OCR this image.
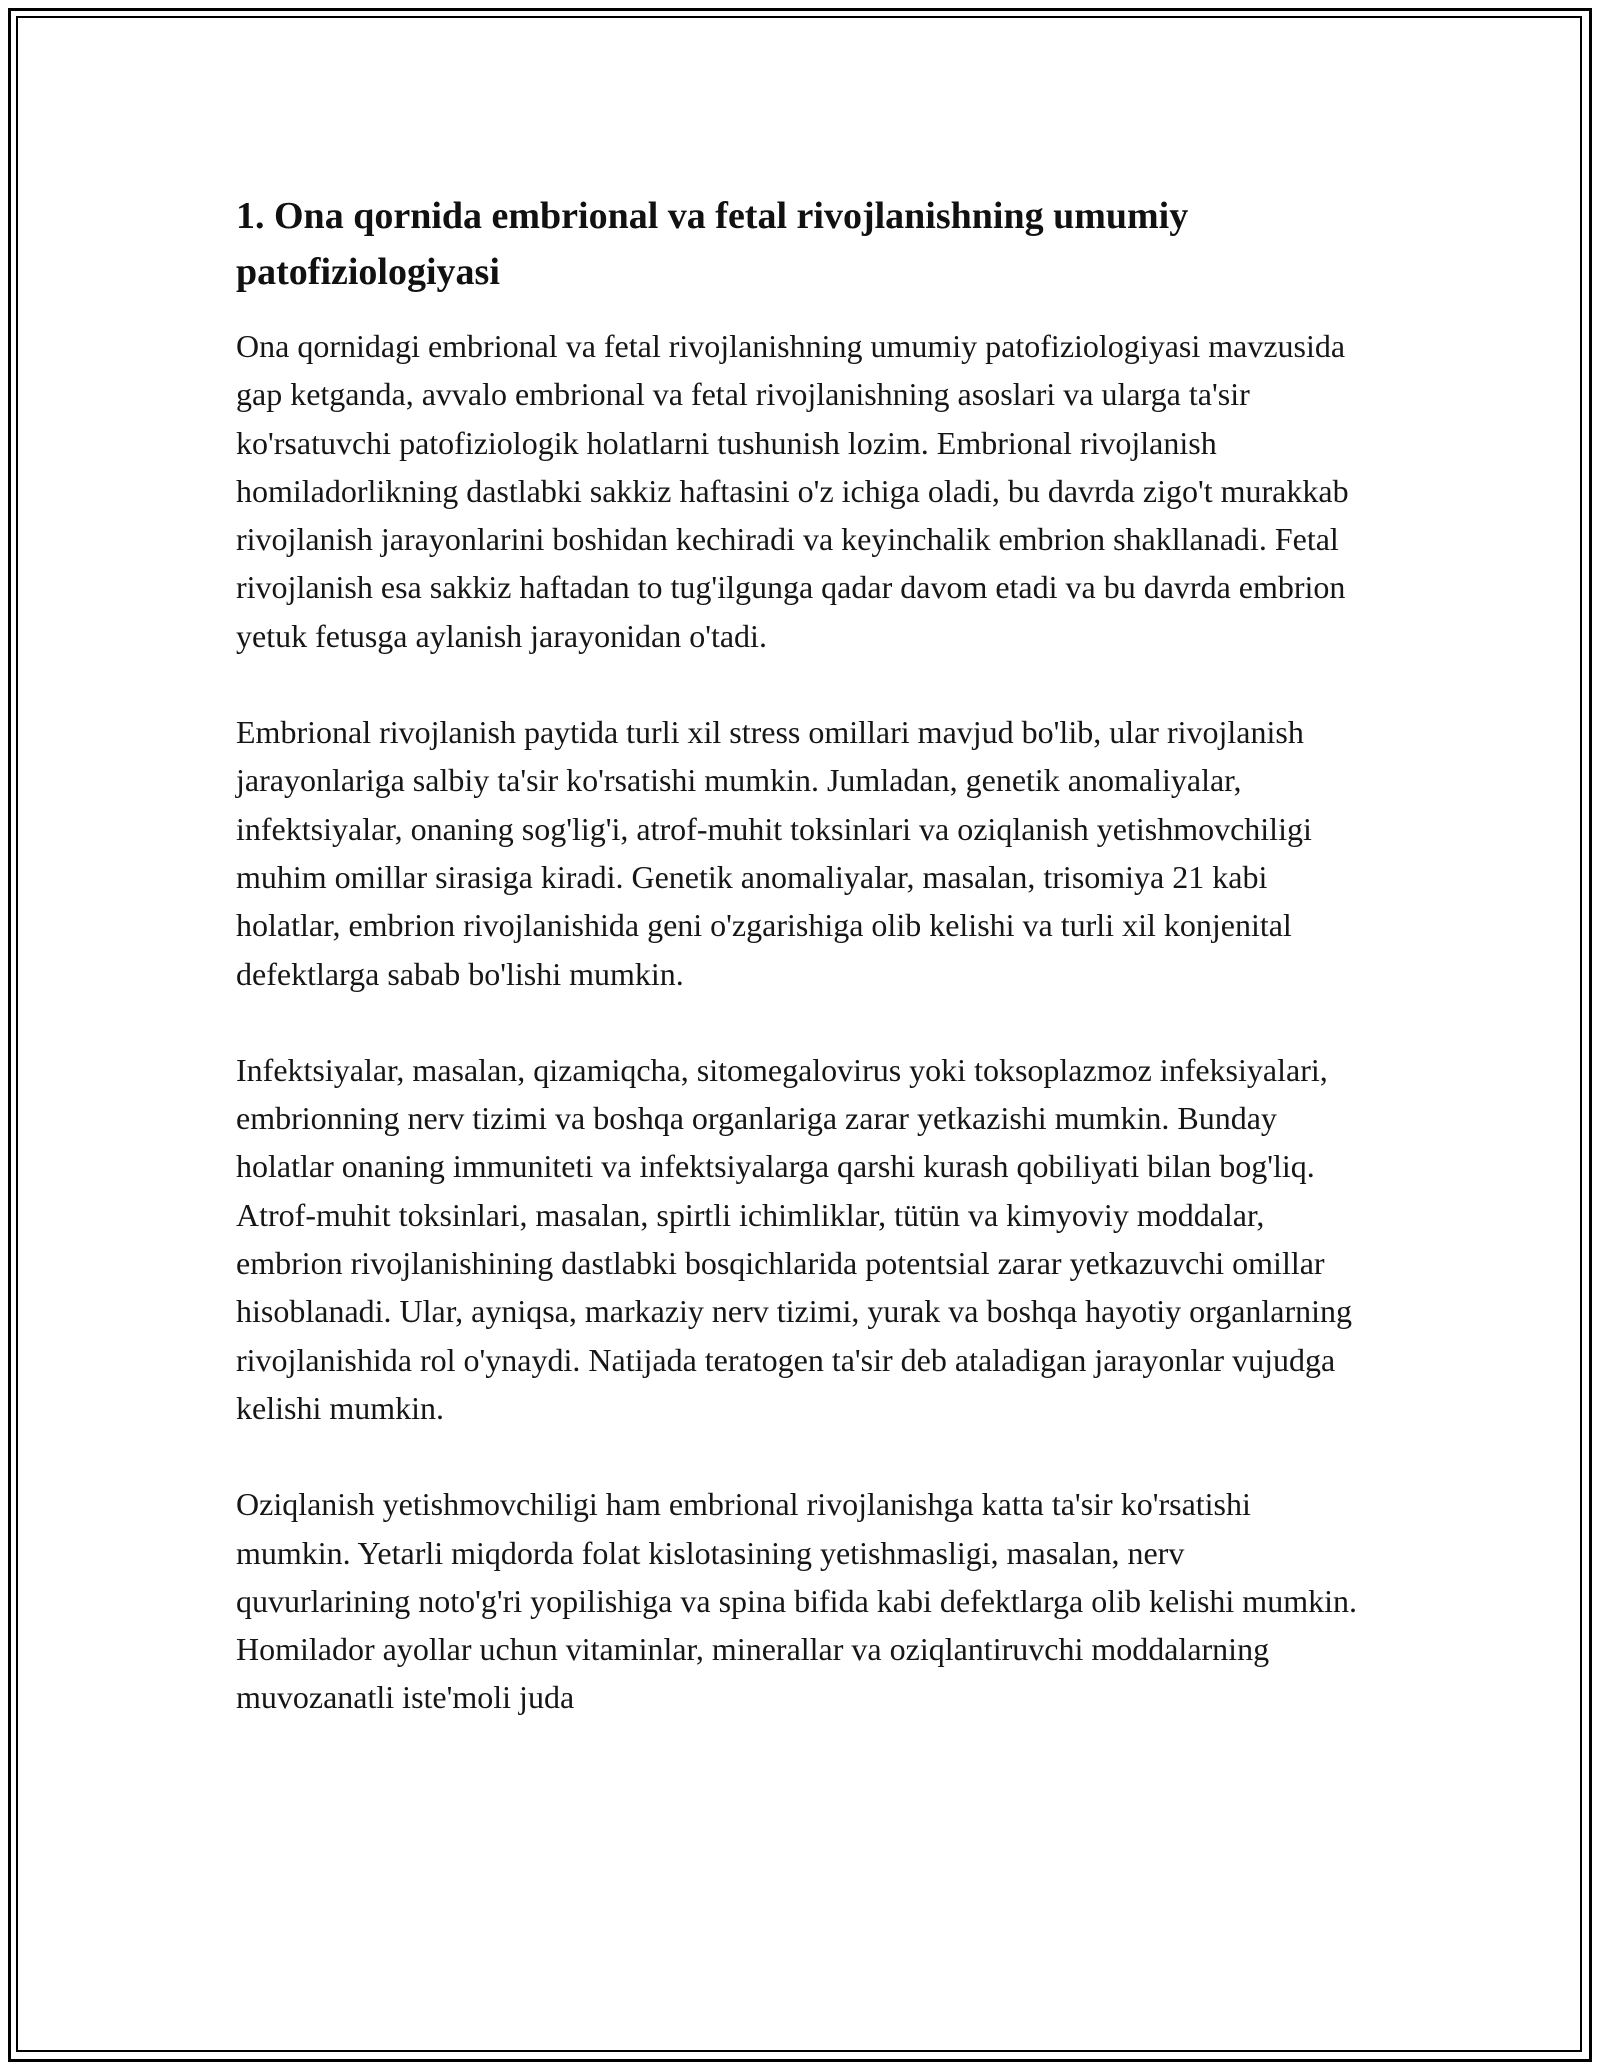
1. Ona qornida embrional va fetal rivojlanishning umumiy patofiziologiyasi

Ona qornidagi embrional va fetal rivojlanishning umumiy patofiziologiyasi mavzusida gap ketganda, avvalo embrional va fetal rivojlanishning asoslari va ularga ta'sir ko'rsatuvchi patofiziologik holatlarni tushunish lozim. Embrional rivojlanish homiladorlikning dastlabki sakkiz haftasini o'z ichiga oladi, bu davrda zigo't murakkab rivojlanish jarayonlarini boshidan kechiradi va keyinchalik embrion shakllanadi. Fetal rivojlanish esa sakkiz haftadan to tug'ilgunga qadar davom etadi va bu davrda embrion yetuk fetusga aylanish jarayonidan o'tadi.

Embrional rivojlanish paytida turli xil stress omillari mavjud bo'lib, ular rivojlanish jarayonlariga salbiy ta'sir ko'rsatishi mumkin. Jumladan, genetik anomaliyalar, infektsiyalar, onaning sog'lig'i, atrof-muhit toksinlari va oziqlanish yetishmovchiligi muhim omillar sirasiga kiradi. Genetik anomaliyalar, masalan, trisomiya 21 kabi holatlar, embrion rivojlanishida geni o'zgarishiga olib kelishi va turli xil konjenital defektlarga sabab bo'lishi mumkin.

Infektsiyalar, masalan, qizamiqcha, sitomegalovirus yoki toksoplazmoz infeksiyalari, embrionning nerv tizimi va boshqa organlariga zarar yetkazishi mumkin. Bunday holatlar onaning immuniteti va infektsiyalarga qarshi kurash qobiliyati bilan bog'liq. Atrof-muhit toksinlari, masalan, spirtli ichimliklar, tütün va kimyoviy moddalar, embrion rivojlanishining dastlabki bosqichlarida potentsial zarar yetkazuvchi omillar hisoblanadi. Ular, ayniqsa, markaziy nerv tizimi, yurak va boshqa hayotiy organlarning rivojlanishida rol o'ynaydi. Natijada teratogen ta'sir deb ataladigan jarayonlar vujudga kelishi mumkin.

Oziqlanish yetishmovchiligi ham embrional rivojlanishga katta ta'sir ko'rsatishi mumkin. Yetarli miqdorda folat kislotasining yetishmasligi, masalan, nerv quvurlarining noto'g'ri yopilishiga va spina bifida kabi defektlarga olib kelishi mumkin. Homilador ayollar uchun vitaminlar, minerallar va oziqlantiruvchi moddalarning muvozanatli iste'moli juda
